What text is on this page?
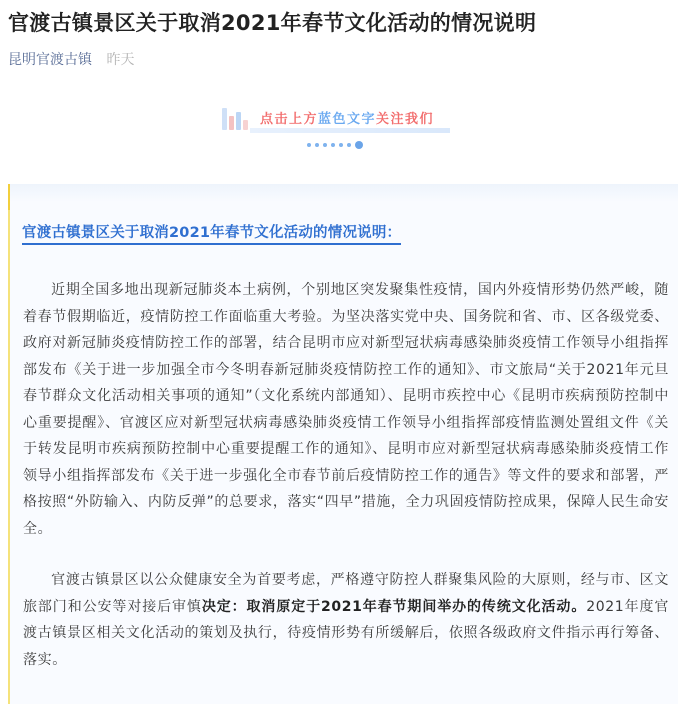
官渡古镇景区关于取消2021年春节文化活动的情况说明
昆明官渡古镇 昨天
点击上方蓝色文字关注我们
官渡古镇景区关于取消2021年春节文化活动的情况说明：
近期全国多地出现新冠肺炎本土病例，个别地区突发聚集性疫情，国内外疫情形势仍然严峻，随着春节假期临近，疫情防控工作面临重大考验。为坚决落实党中央、国务院和省、市、区各级党委、政府对新冠肺炎疫情防控工作的部署，结合昆明市应对新型冠状病毒感染肺炎疫情工作领导小组指挥部发布《关于进一步加强全市今冬明春新冠肺炎疫情防控工作的通知》、市文旅局“关于2021年元旦春节群众文化活动相关事项的通知”（文化系统内部通知）、昆明市疾控中心《昆明市疾病预防控制中心重要提醒》、官渡区应对新型冠状病毒感染肺炎疫情工作领导小组指挥部疫情监测处置组文件《关于转发昆明市疾病预防控制中心重要提醒工作的通知》、昆明市应对新型冠状病毒感染肺炎疫情工作领导小组指挥部发布《关于进一步强化全市春节前后疫情防控工作的通告》等文件的要求和部署，严格按照“外防输入、内防反弹”的总要求，落实“四早”措施，全力巩固疫情防控成果，保障人民生命安全。
官渡古镇景区以公众健康安全为首要考虑，严格遵守防控人群聚集风险的大原则，经与市、区文旅部门和公安等对接后审慎决定：取消原定于2021年春节期间举办的传统文化活动。2021年度官渡古镇景区相关文化活动的策划及执行，待疫情形势有所缓解后，依照各级政府文件指示再行筹备、落实。
